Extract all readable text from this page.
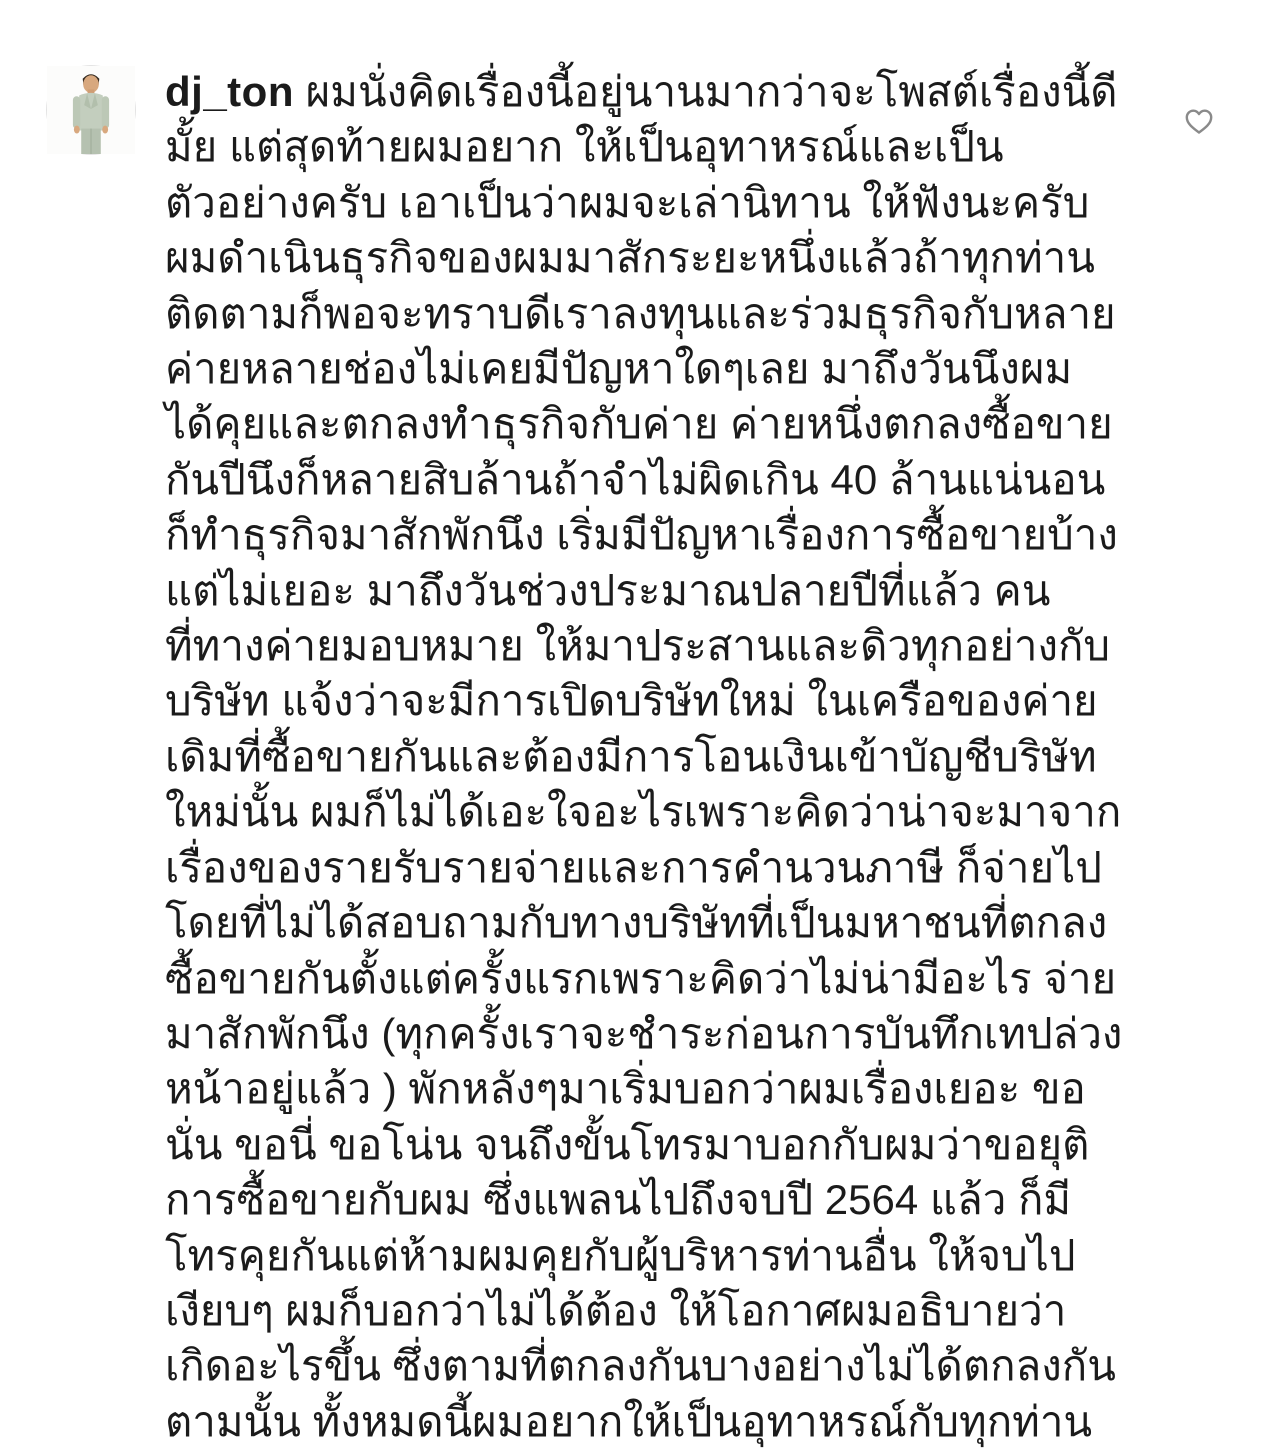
dj_ton ผมนั่งคิดเรื่องนี้อยู่นานมากว่าจะโพสต์เรื่องนี้ดี
มั้ย แต่สุดท้ายผมอยาก ให้เป็นอุทาหรณ์และเป็น
ตัวอย่างครับ เอาเป็นว่าผมจะเล่านิทาน ให้ฟังนะครับ
ผมดำเนินธุรกิจของผมมาสักระยะหนึ่งแล้วถ้าทุกท่าน
ติดตามก็พอจะทราบดีเราลงทุนและร่วมธุรกิจกับหลาย
ค่ายหลายช่องไม่เคยมีปัญหาใดๆเลย มาถึงวันนึงผม
ได้คุยและตกลงทำธุรกิจกับค่าย ค่ายหนึ่งตกลงซื้อขาย
กันปีนึงก็หลายสิบล้านถ้าจำไม่ผิดเกิน 40 ล้านแน่นอน
ก็ทำธุรกิจมาสักพักนึง เริ่มมีปัญหาเรื่องการซื้อขายบ้าง
แต่ไม่เยอะ มาถึงวันช่วงประมาณปลายปีที่แล้ว คน
ที่ทางค่ายมอบหมาย ให้มาประสานและดิวทุกอย่างกับ
บริษัท แจ้งว่าจะมีการเปิดบริษัทใหม่ ในเครือของค่าย
เดิมที่ซื้อขายกันและต้องมีการโอนเงินเข้าบัญชีบริษัท
ใหม่นั้น ผมก็ไม่ได้เอะใจอะไรเพราะคิดว่าน่าจะมาจาก
เรื่องของรายรับรายจ่ายและการคำนวนภาษี ก็จ่ายไป
โดยที่ไม่ได้สอบถามกับทางบริษัทที่เป็นมหาชนที่ตกลง
ซื้อขายกันตั้งแต่ครั้งแรกเพราะคิดว่าไม่น่ามีอะไร จ่าย
มาสักพักนึง (ทุกครั้งเราจะชำระก่อนการบันทึกเทปล่วง
หน้าอยู่แล้ว ) พักหลังๆมาเริ่มบอกว่าผมเรื่องเยอะ ขอ
นั่น ขอนี่ ขอโน่น จนถึงขั้นโทรมาบอกกับผมว่าขอยุติ
การซื้อขายกับผม ซึ่งแพลนไปถึงจบปี 2564 แล้ว ก็มี
โทรคุยกันแต่ห้ามผมคุยกับผู้บริหารท่านอื่น ให้จบไป
เงียบๆ ผมก็บอกว่าไม่ได้ต้อง ให้โอกาศผมอธิบายว่า
เกิดอะไรขึ้น ซึ่งตามที่ตกลงกันบางอย่างไม่ได้ตกลงกัน
ตามนั้น ทั้งหมดนี้ผมอยากให้เป็นอุทาหรณ์กับทุกท่าน
